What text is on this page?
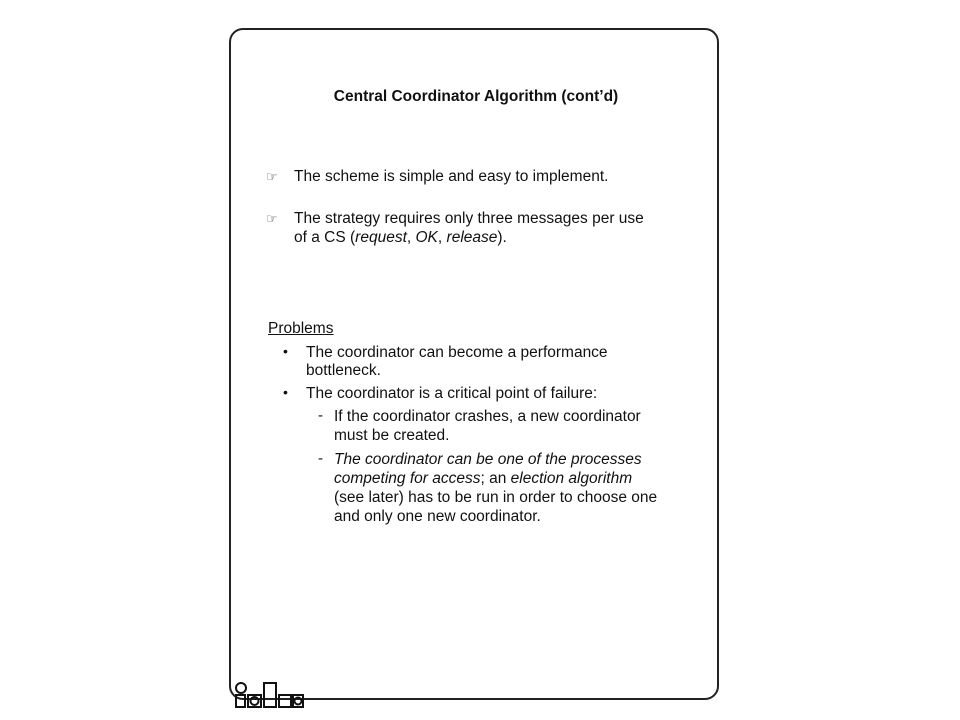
Central Coordinator Algorithm (cont’d)
☞ The scheme is simple and easy to implement.
☞ The strategy requires only three messages per use
of a CS (request, OK, release).
Problems
• The coordinator can become a performance
bottleneck.
• The coordinator is a critical point of failure:
- If the coordinator crashes, a new coordinator
must be created.
- The coordinator can be one of the processes
competing for access; an election algorithm
(see later) has to be run in order to choose one
and only one new coordinator.
